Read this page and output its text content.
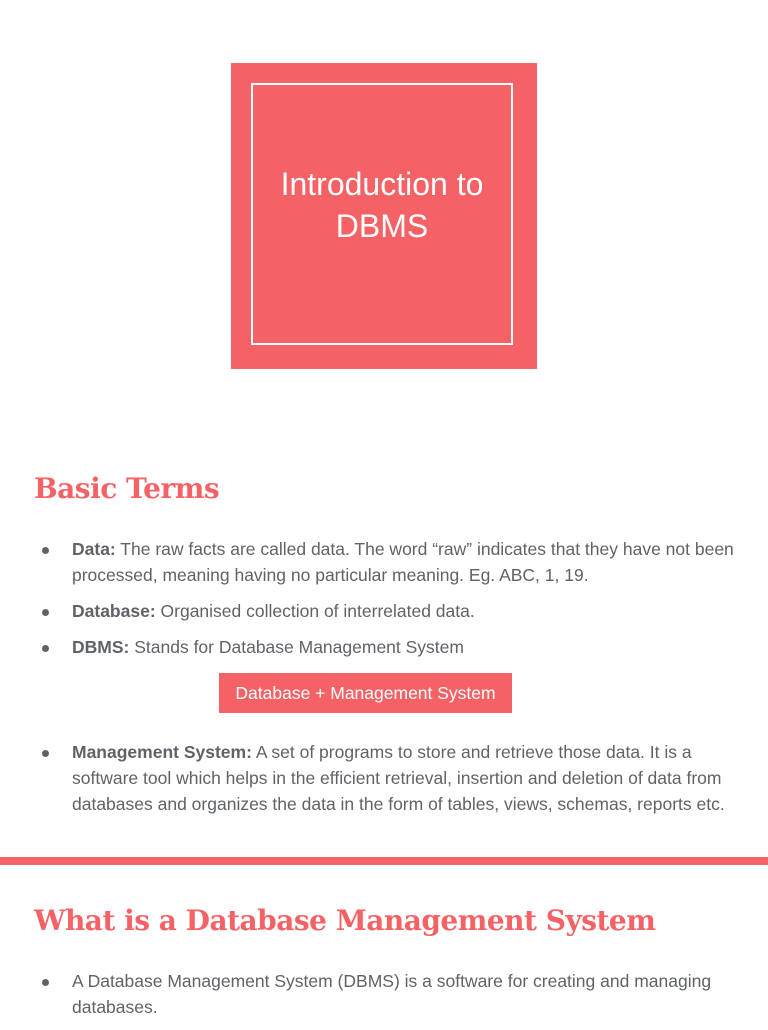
Introduction to
DBMS
Basic Terms
Data: The raw facts are called data. The word “raw” indicates that they have not been processed, meaning having no particular meaning. Eg. ABC, 1, 19.
Database: Organised collection of interrelated data.
DBMS: Stands for Database Management System
Database + Management System
Management System: A set of programs to store and retrieve those data. It is a software tool which helps in the efficient retrieval, insertion and deletion of data from databases and organizes the data in the form of tables, views, schemas, reports etc.
What is a Database Management System
A Database Management System (DBMS) is a software for creating and managing databases.
